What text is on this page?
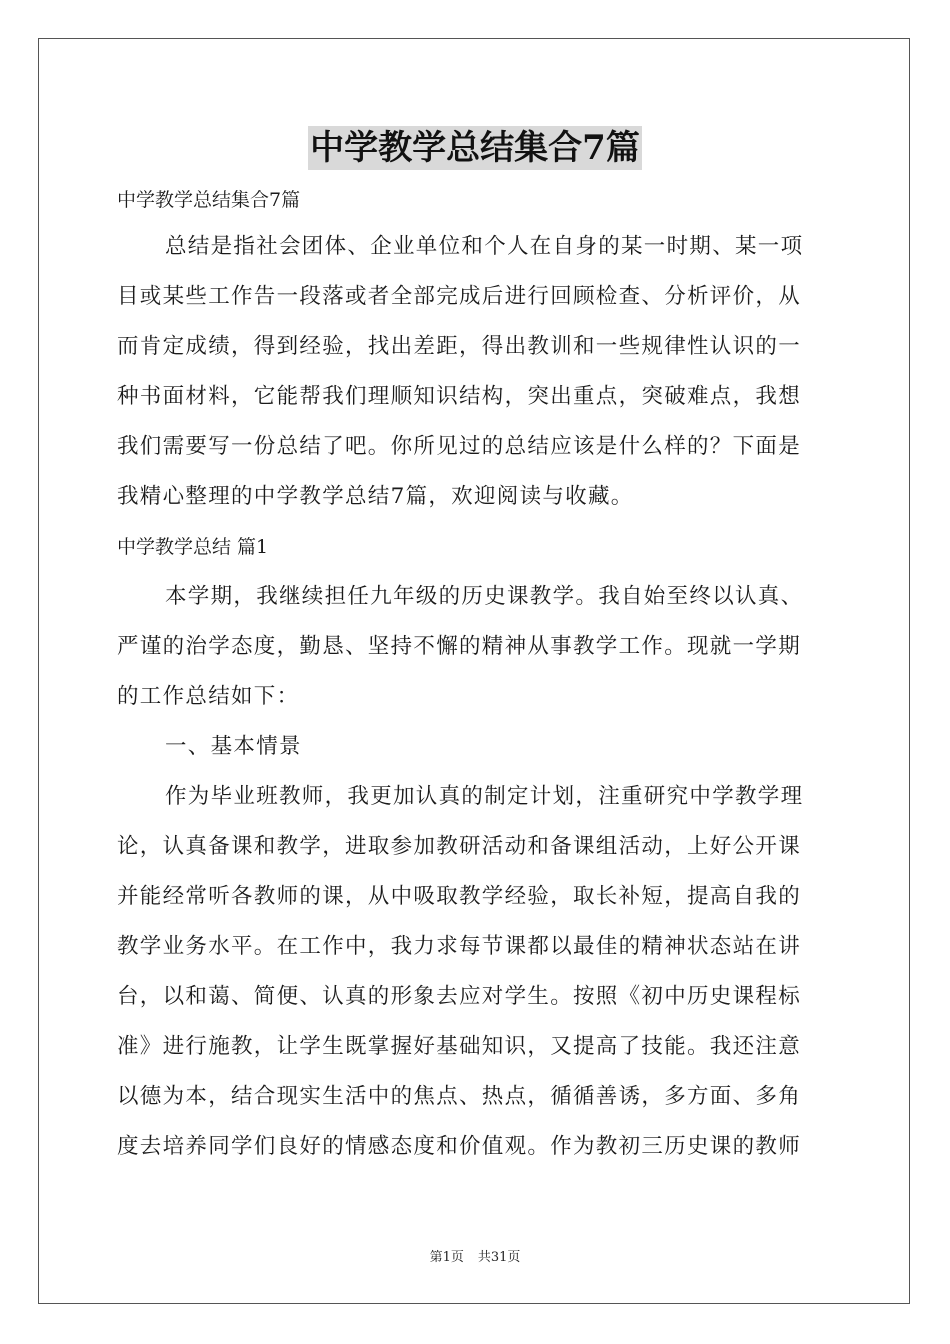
中学教学总结集合7篇
中学教学总结集合7篇
总结是指社会团体、企业单位和个人在自身的某一时期、某一项
目或某些工作告一段落或者全部完成后进行回顾检查、分析评价，从
而肯定成绩，得到经验，找出差距，得出教训和一些规律性认识的一
种书面材料，它能帮我们理顺知识结构，突出重点，突破难点，我想
我们需要写一份总结了吧。你所见过的总结应该是什么样的？下面是
我精心整理的中学教学总结7篇，欢迎阅读与收藏。
中学教学总结 篇1
本学期，我继续担任九年级的历史课教学。我自始至终以认真、
严谨的治学态度，勤恳、坚持不懈的精神从事教学工作。现就一学期
的工作总结如下：
一、基本情景
作为毕业班教师，我更加认真的制定计划，注重研究中学教学理
论，认真备课和教学，进取参加教研活动和备课组活动，上好公开课
并能经常听各教师的课，从中吸取教学经验，取长补短，提高自我的
教学业务水平。在工作中，我力求每节课都以最佳的精神状态站在讲
台，以和蔼、简便、认真的形象去应对学生。按照《初中历史课程标
准》进行施教，让学生既掌握好基础知识，又提高了技能。我还注意
以德为本，结合现实生活中的焦点、热点，循循善诱，多方面、多角
度去培养同学们良好的情感态度和价值观。作为教初三历史课的教师
第1页 共31页
